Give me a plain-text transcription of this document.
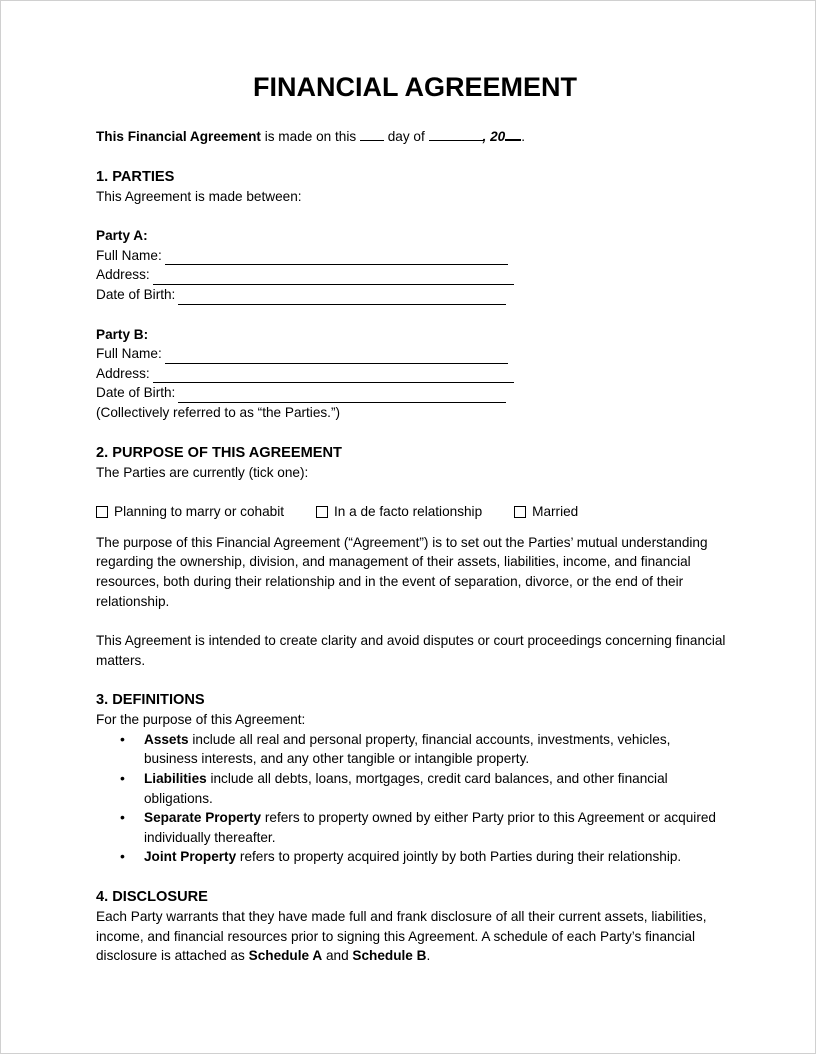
FINANCIAL AGREEMENT

This Financial Agreement is made on this  day of	, 20 .

1. PARTIES

This Agreement is made between:

Party A:

Full Name:
Address:
Date of Birth:

Party B:

Full Name:
Address:
Date of Birth:

(Collectively referred to as “the Parties.”)

2. PURPOSE OF THIS AGREEMENT

The Parties are currently (tick one):

Planning to marry or cohabit	In a de facto relationship	Married

The purpose of this Financial Agreement (“Agreement”) is to set out the Parties’ mutual understanding regarding the ownership, division, and management of their assets, liabilities, income, and financial resources, both during their relationship and in the event of separation, divorce, or the end of their relationship.

This Agreement is intended to create clarity and avoid disputes or court proceedings concerning financial matters.

3. DEFINITIONS

For the purpose of this Agreement:

• Assets include all real and personal property, financial accounts, investments, vehicles, business interests, and any other tangible or intangible property.
• Liabilities include all debts, loans, mortgages, credit card balances, and other financial obligations.
• Separate Property refers to property owned by either Party prior to this Agreement or acquired individually thereafter.
• Joint Property refers to property acquired jointly by both Parties during their relationship.
4. DISCLOSURE

Each Party warrants that they have made full and frank disclosure of all their current assets, liabilities, income, and financial resources prior to signing this Agreement. A schedule of each Party’s financial disclosure is attached as Schedule A and Schedule B.
